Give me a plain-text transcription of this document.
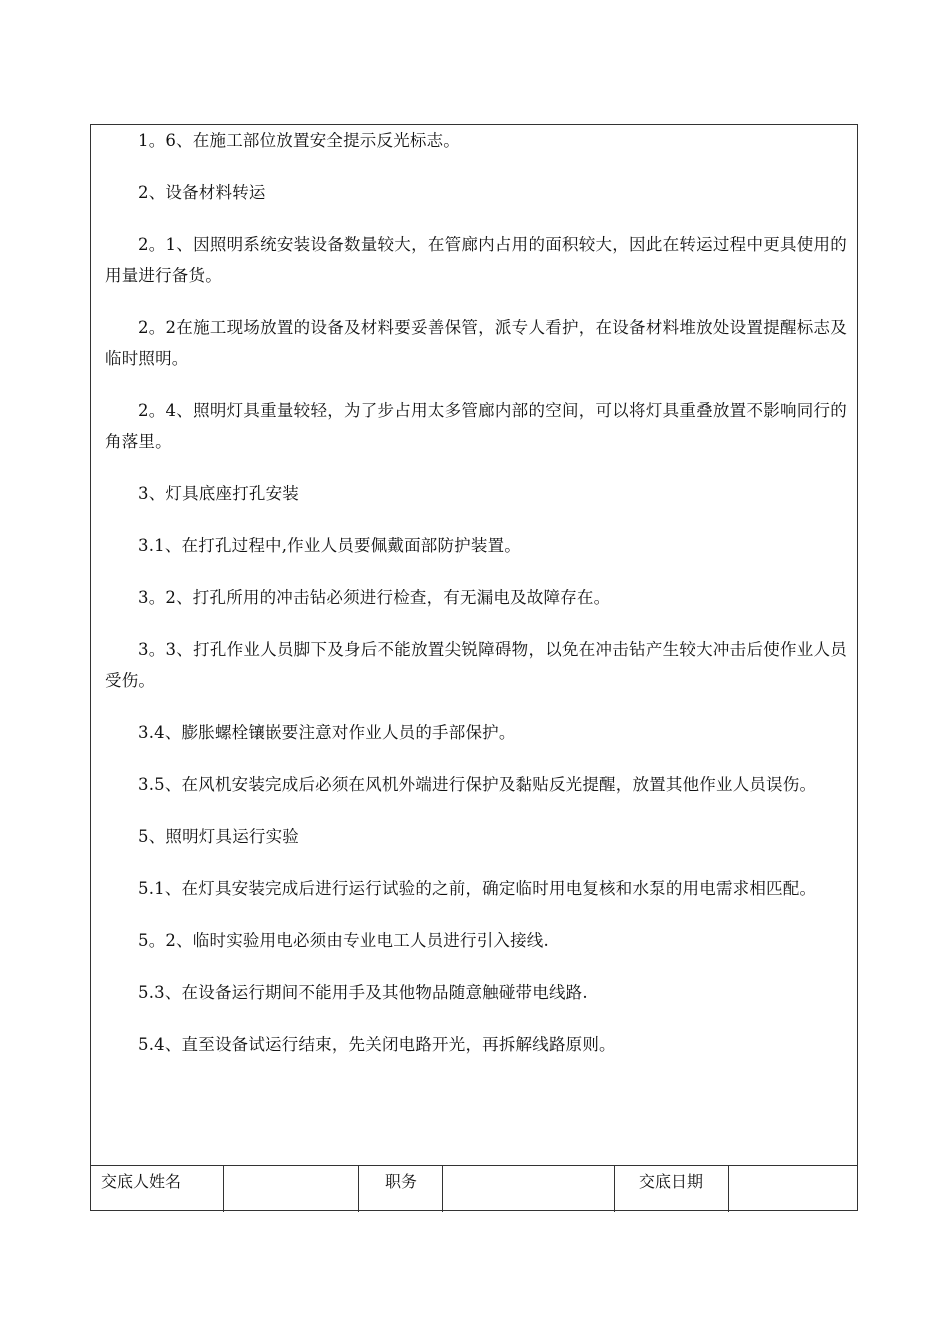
1。6、在施工部位放置安全提示反光标志。

2、设备材料转运

2。1、因照明系统安装设备数量较大，在管廊内占用的面积较大，因此在转运过程中更具使用的用量进行备货。

2。2在施工现场放置的设备及材料要妥善保管，派专人看护，在设备材料堆放处设置提醒标志及临时照明。

2。4、照明灯具重量较轻，为了步占用太多管廊内部的空间，可以将灯具重叠放置不影响同行的角落里。

3、灯具底座打孔安装

3.1、在打孔过程中,作业人员要佩戴面部防护装置。

3。2、打孔所用的冲击钻必须进行检查，有无漏电及故障存在。

3。3、打孔作业人员脚下及身后不能放置尖锐障碍物，以免在冲击钻产生较大冲击后使作业人员受伤。

3.4、膨胀螺栓镶嵌要注意对作业人员的手部保护。

3.5、在风机安装完成后必须在风机外端进行保护及黏贴反光提醒，放置其他作业人员误伤。

5、照明灯具运行实验

5.1、在灯具安装完成后进行运行试验的之前，确定临时用电复核和水泵的用电需求相匹配。

5。2、临时实验用电必须由专业电工人员进行引入接线.

5.3、在设备运行期间不能用手及其他物品随意触碰带电线路.

5.4、直至设备试运行结束，先关闭电路开光，再拆解线路原则。

交底人姓名	职务	交底日期
